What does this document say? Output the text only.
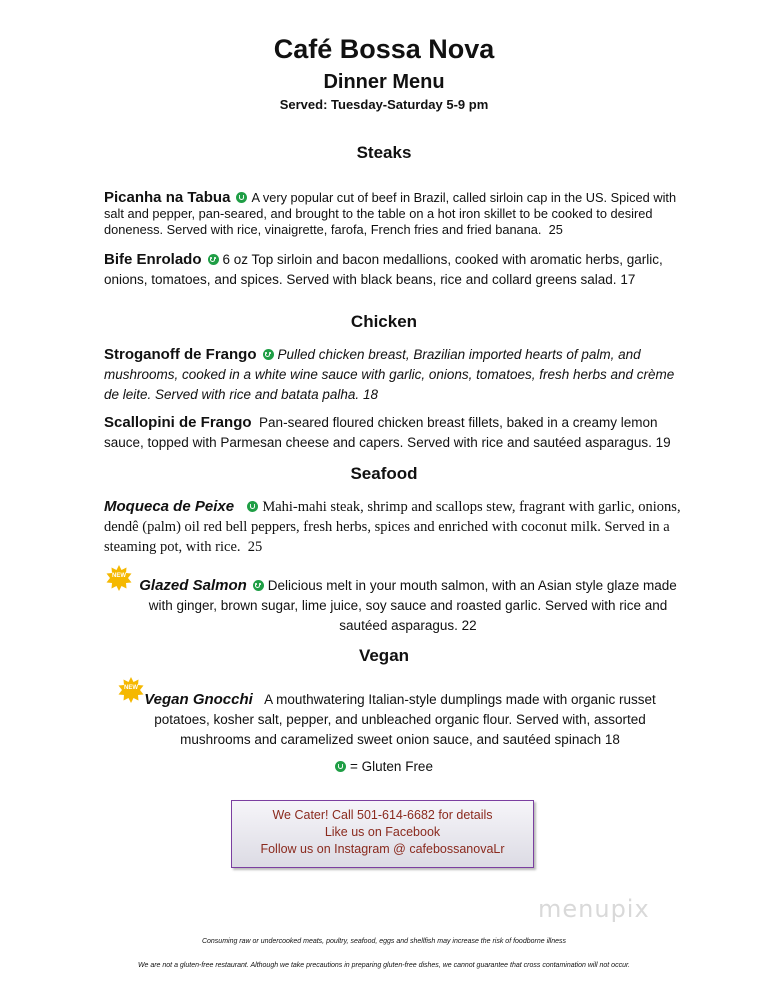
Café Bossa Nova
Dinner Menu
Served: Tuesday-Saturday 5-9 pm
Steaks
Picanha na Tabua A very popular cut of beef in Brazil, called sirloin cap in the US. Spiced with salt and pepper, pan-seared, and brought to the table on a hot iron skillet to be cooked to desired doneness. Served with rice, vinaigrette, farofa, French fries and fried banana. 25
Bife Enrolado 6 oz Top sirloin and bacon medallions, cooked with aromatic herbs, garlic, onions, tomatoes, and spices. Served with black beans, rice and collard greens salad. 17
Chicken
Stroganoff de Frango Pulled chicken breast, Brazilian imported hearts of palm, and mushrooms, cooked in a white wine sauce with garlic, onions, tomatoes, fresh herbs and crème de leite. Served with rice and batata palha. 18
Scallopini de Frango Pan-seared floured chicken breast fillets, baked in a creamy lemon sauce, topped with Parmesan cheese and capers. Served with rice and sautéed asparagus. 19
Seafood
Moqueca de Peixe Mahi-mahi steak, shrimp and scallops stew, fragrant with garlic, onions, dendê (palm) oil red bell peppers, fresh herbs, spices and enriched with coconut milk. Served in a steaming pot, with rice. 25
NEW
Glazed Salmon Delicious melt in your mouth salmon, with an Asian style glaze made with ginger, brown sugar, lime juice, soy sauce and roasted garlic. Served with rice and sautéed asparagus. 22
Vegan
NEW
Vegan Gnocchi A mouthwatering Italian-style dumplings made with organic russet potatoes, kosher salt, pepper, and unbleached organic flour. Served with, assorted mushrooms and caramelized sweet onion sauce, and sautéed spinach 18
= Gluten Free
We Cater! Call 501-614-6682 for details
Like us on Facebook
Follow us on Instagram @ cafebossanovaLr
menupix
Consuming raw or undercooked meats, poultry, seafood, eggs and shellfish may increase the risk of foodborne illness
We are not a gluten-free restaurant. Although we take precautions in preparing gluten-free dishes, we cannot guarantee that cross contamination will not occur.
